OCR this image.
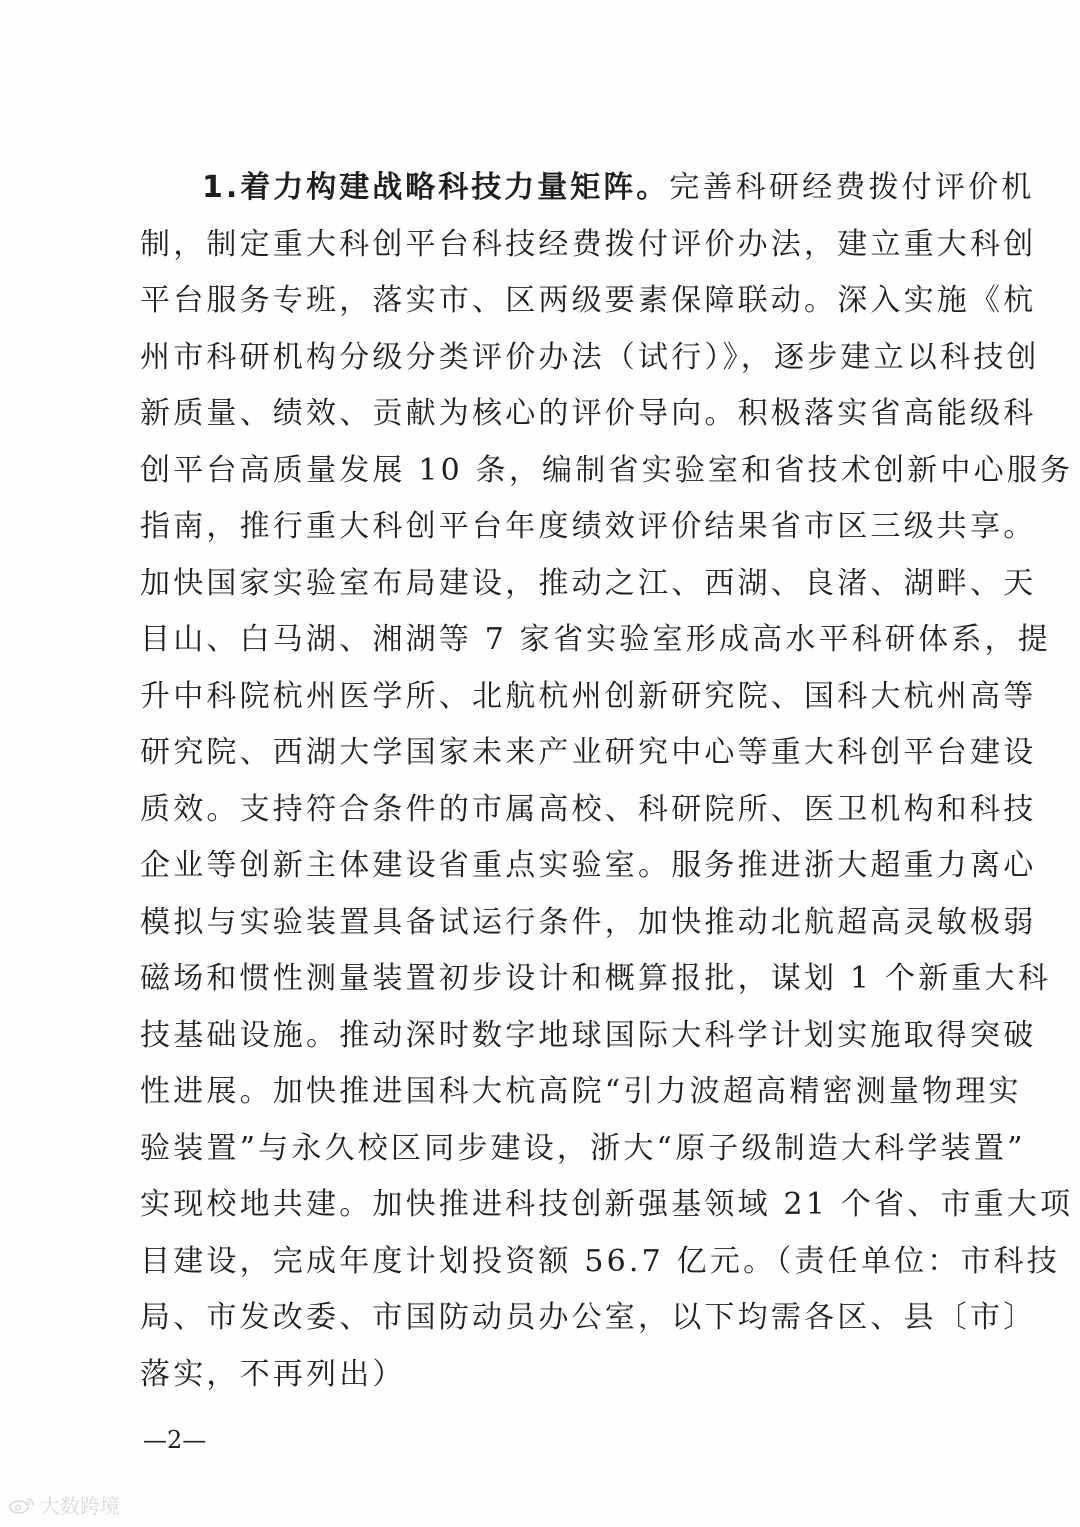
1.着力构建战略科技力量矩阵。完善科研经费拨付评价机
制，制定重大科创平台科技经费拨付评价办法，建立重大科创
平台服务专班，落实市、区两级要素保障联动。深入实施《杭
州市科研机构分级分类评价办法（试行）》，逐步建立以科技创
新质量、绩效、贡献为核心的评价导向。积极落实省高能级科
创平台高质量发展 10 条，编制省实验室和省技术创新中心服务
指南，推行重大科创平台年度绩效评价结果省市区三级共享。
加快国家实验室布局建设，推动之江、西湖、良渚、湖畔、天
目山、白马湖、湘湖等 7 家省实验室形成高水平科研体系，提
升中科院杭州医学所、北航杭州创新研究院、国科大杭州高等
研究院、西湖大学国家未来产业研究中心等重大科创平台建设
质效。支持符合条件的市属高校、科研院所、医卫机构和科技
企业等创新主体建设省重点实验室。服务推进浙大超重力离心
模拟与实验装置具备试运行条件，加快推动北航超高灵敏极弱
磁场和惯性测量装置初步设计和概算报批，谋划 1 个新重大科
技基础设施。推动深时数字地球国际大科学计划实施取得突破
性进展。加快推进国科大杭高院“引力波超高精密测量物理实
验装置”与永久校区同步建设，浙大“原子级制造大科学装置”
实现校地共建。加快推进科技创新强基领域 21 个省、市重大项
目建设，完成年度计划投资额 56.7 亿元。（责任单位：市科技
局、市发改委、市国防动员办公室，以下均需各区、县〔市〕
落实，不再列出）
—2—
大数跨境
